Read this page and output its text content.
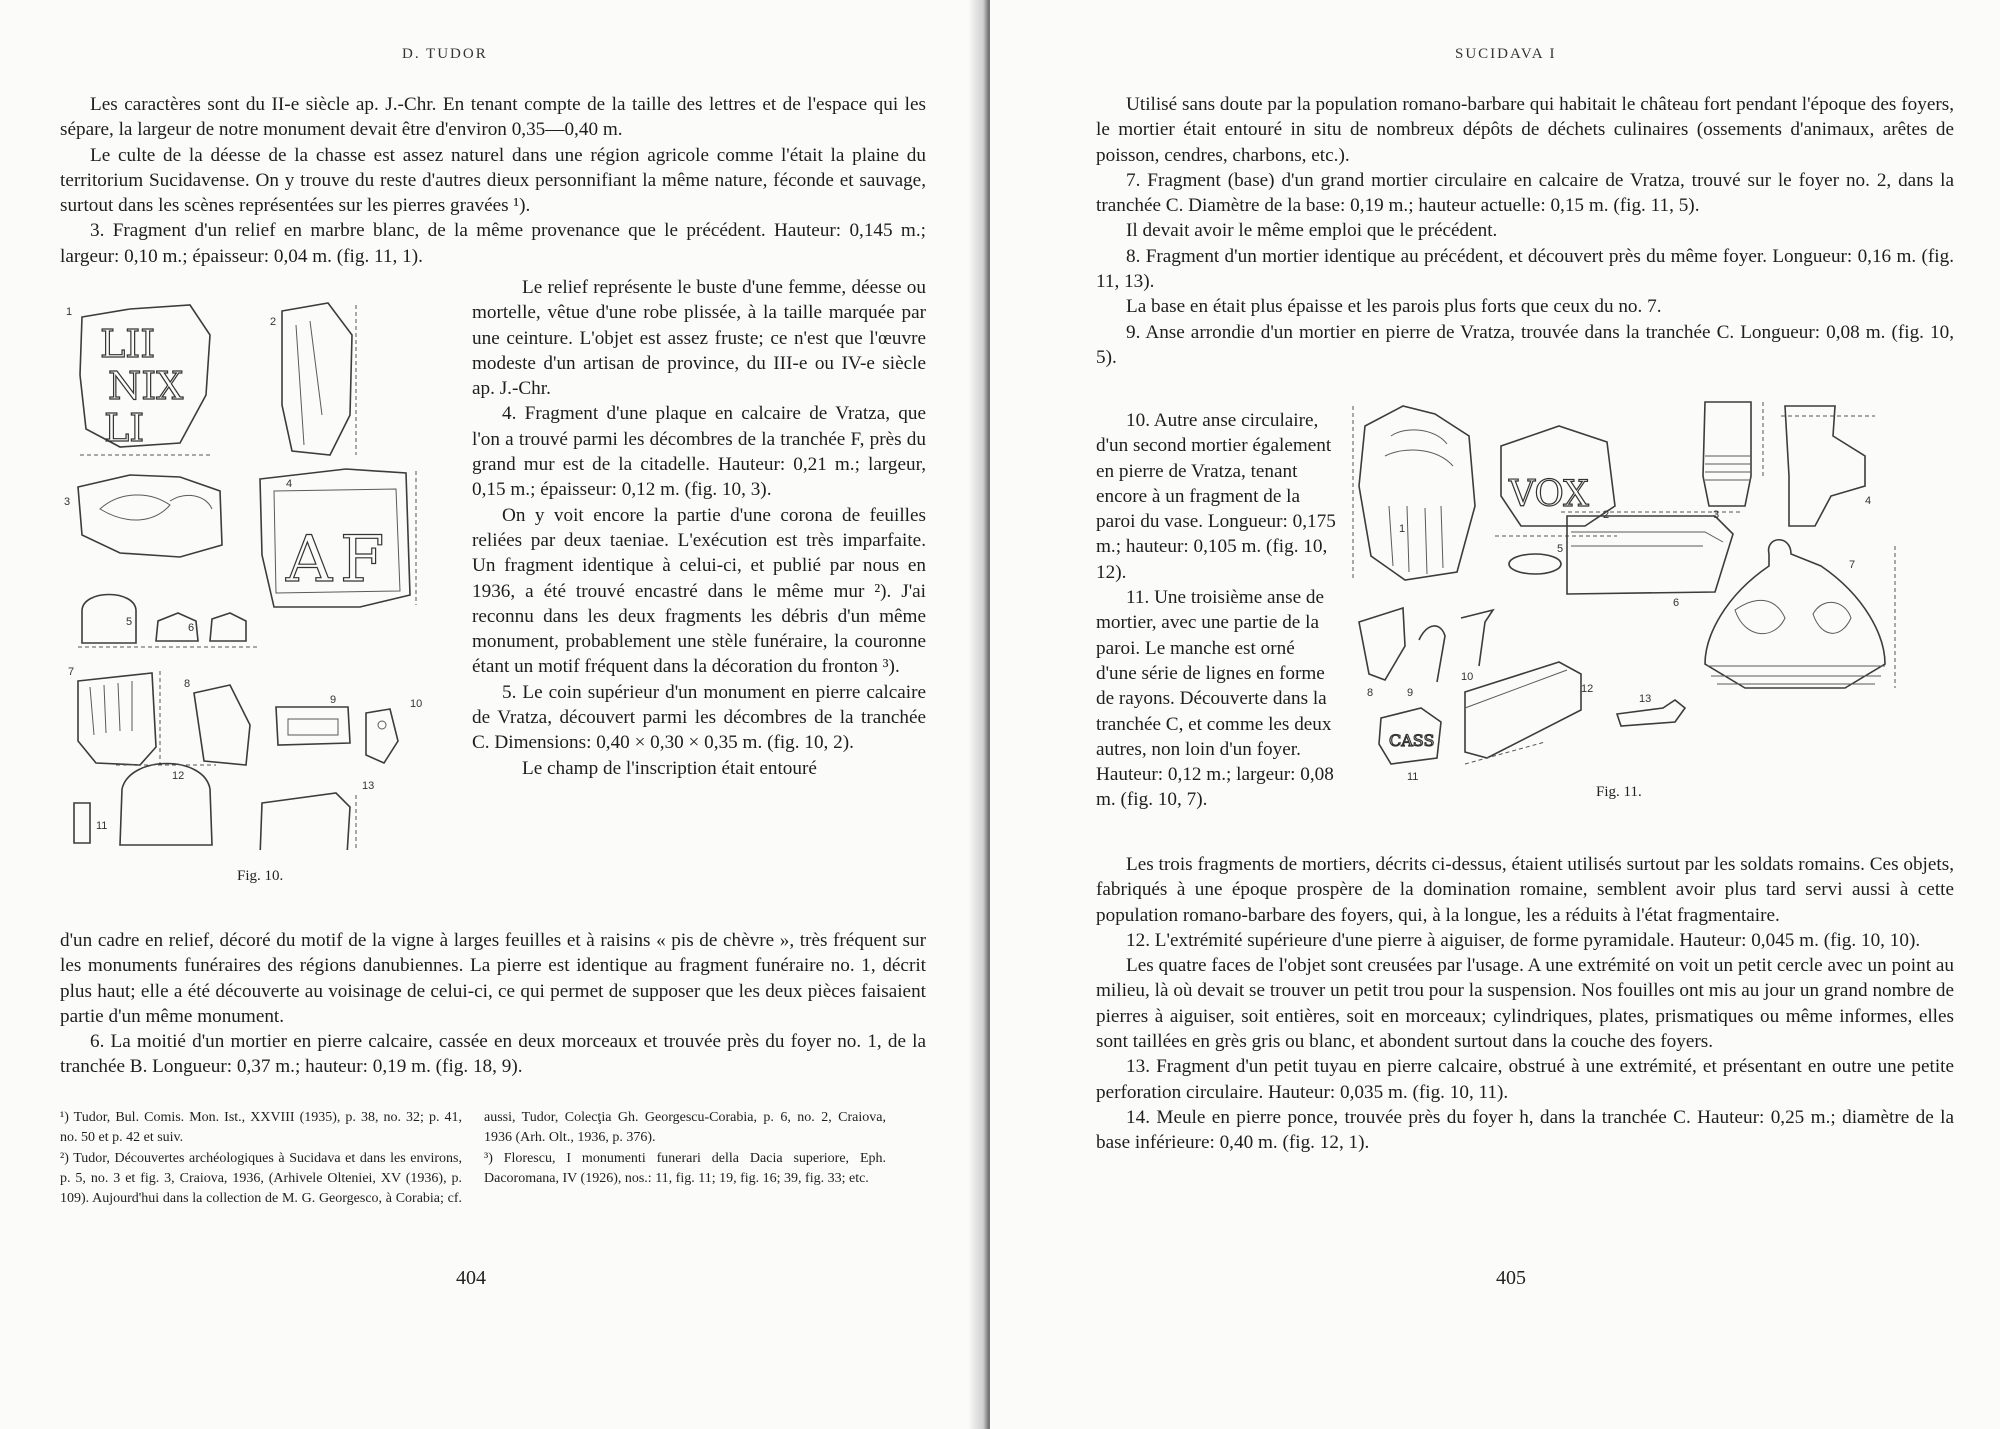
D. TUDOR

Les caractères sont du II-e siècle ap. J.-Chr. En tenant compte de la taille des lettres et de l'espace qui les sépare, la largeur de notre monument devait être d'environ 0,35—0,40 m.

Le culte de la déesse de la chasse est assez naturel dans une région agricole comme l'était la plaine du territorium Sucidavense. On y trouve du reste d'autres dieux personnifiant la même nature, féconde et sauvage, surtout dans les scènes représentées sur les pierres gravées ¹).

3. Fragment d'un relief en marbre blanc, de la même provenance que le précédent. Hauteur: 0,145 m.; largeur: 0,10 m.; épaisseur: 0,04 m. (fig. 11, 1).

LII
NIX
LI
A F
1
2
3
4
5	6
7
8
9	10
11
12
13
Fig. 10.

Le relief représente le buste d'une femme, déesse ou mortelle, vêtue d'une robe plissée, à la taille marquée par une ceinture. L'objet est assez fruste; ce n'est que l'œuvre modeste d'un artisan de province, du III-e ou IV-e siècle ap. J.-Chr.

4. Fragment d'une plaque en calcaire de Vratza, que l'on a trouvé parmi les décombres de la tranchée F, près du grand mur est de la citadelle. Hauteur: 0,21 m.; largeur, 0,15 m.; épaisseur: 0,12 m. (fig. 10, 3).

On y voit encore la partie d'une corona de feuilles reliées par deux taeniae. L'exécution est très imparfaite. Un fragment identique à celui-ci, et publié par nous en 1936, a été trouvé encastré dans le même mur ²). J'ai reconnu dans les deux fragments les débris d'un même monument, probablement une stèle funéraire, la couronne étant un motif fréquent dans la décoration du fronton ³).

5. Le coin supérieur d'un monument en pierre calcaire de Vratza, découvert parmi les décombres de la tranchée C. Dimensions: 0,40 × 0,30 × 0,35 m. (fig. 10, 2).

Le champ de l'inscription était entouré

d'un cadre en relief, décoré du motif de la vigne à larges feuilles et à raisins « pis de chèvre », très fréquent sur les monuments funéraires des régions danubiennes. La pierre est identique au fragment funéraire no. 1, décrit plus haut; elle a été découverte au voisinage de celui-ci, ce qui permet de supposer que les deux pièces faisaient partie d'un même monument.

6. La moitié d'un mortier en pierre calcaire, cassée en deux morceaux et trouvée près du foyer no. 1, de la tranchée B. Longueur: 0,37 m.; hauteur: 0,19 m. (fig. 18, 9).

¹) Tudor, Bul. Comis. Mon. Ist., XXVIII (1935), p. 38, no. 32; p. 41, no. 50 et p. 42 et suiv.

²) Tudor, Découvertes archéologiques à Sucidava et dans les environs, p. 5, no. 3 et fig. 3, Craiova, 1936, (Arhivele Olteniei, XV (1936), p. 109). Aujourd'hui dans la collection de M. G. Georgesco, à Corabia; cf. aussi, Tudor, Colecţia Gh. Georgescu-Corabia, p. 6, no. 2, Craiova, 1936 (Arh. Olt., 1936, p. 376).

³) Florescu, I monumenti funerari della Dacia superiore, Eph. Dacoromana, IV (1926), nos.: 11, fig. 11; 19, fig. 16; 39, fig. 33; etc.

404
SUCIDAVA I

Utilisé sans doute par la population romano-barbare qui habitait le château fort pendant l'époque des foyers, le mortier était entouré in situ de nombreux dépôts de déchets culinaires (ossements d'animaux, arêtes de poisson, cendres, charbons, etc.).

7. Fragment (base) d'un grand mortier circulaire en calcaire de Vratza, trouvé sur le foyer no. 2, dans la tranchée C. Diamètre de la base: 0,19 m.; hauteur actuelle: 0,15 m. (fig. 11, 5).

Il devait avoir le même emploi que le précédent.

8. Fragment d'un mortier identique au précédent, et découvert près du même foyer. Longueur: 0,16 m. (fig. 11, 13).

La base en était plus épaisse et les parois plus forts que ceux du no. 7.

9. Anse arrondie d'un mortier en pierre de Vratza, trouvée dans la tranchée C. Longueur: 0,08 m. (fig. 10, 5).

10. Autre anse circulaire, d'un second mortier également en pierre de Vratza, tenant encore à un fragment de la paroi du vase. Longueur: 0,175 m.; hauteur: 0,105 m. (fig. 10, 12).

11. Une troisième anse de mortier, avec une partie de la paroi. Le manche est orné d'une série de lignes en forme de rayons. Découverte dans la tranchée C, et comme les deux autres, non loin d'un foyer. Hauteur: 0,12 m.; largeur: 0,08 m. (fig. 10, 7).

VOX
CASS
1
2	3
4
5
6
7
8	9
10
11
12
13
Fig. 11.

Les trois fragments de mortiers, décrits ci-dessus, étaient utilisés surtout par les soldats romains. Ces objets, fabriqués à une époque prospère de la domination romaine, semblent avoir plus tard servi aussi à cette population romano-barbare des foyers, qui, à la longue, les a réduits à l'état fragmentaire.

12. L'extrémité supérieure d'une pierre à aiguiser, de forme pyramidale. Hauteur: 0,045 m. (fig. 10, 10).

Les quatre faces de l'objet sont creusées par l'usage. A une extrémité on voit un petit cercle avec un point au milieu, là où devait se trouver un petit trou pour la suspension. Nos fouilles ont mis au jour un grand nombre de pierres à aiguiser, soit entières, soit en morceaux; cylindriques, plates, prismatiques ou même informes, elles sont taillées en grès gris ou blanc, et abondent surtout dans la couche des foyers.

13. Fragment d'un petit tuyau en pierre calcaire, obstrué à une extrémité, et présentant en outre une petite perforation circulaire. Hauteur: 0,035 m. (fig. 10, 11).

14. Meule en pierre ponce, trouvée près du foyer h, dans la tranchée C. Hauteur: 0,25 m.; diamètre de la base inférieure: 0,40 m. (fig. 12, 1).

405
